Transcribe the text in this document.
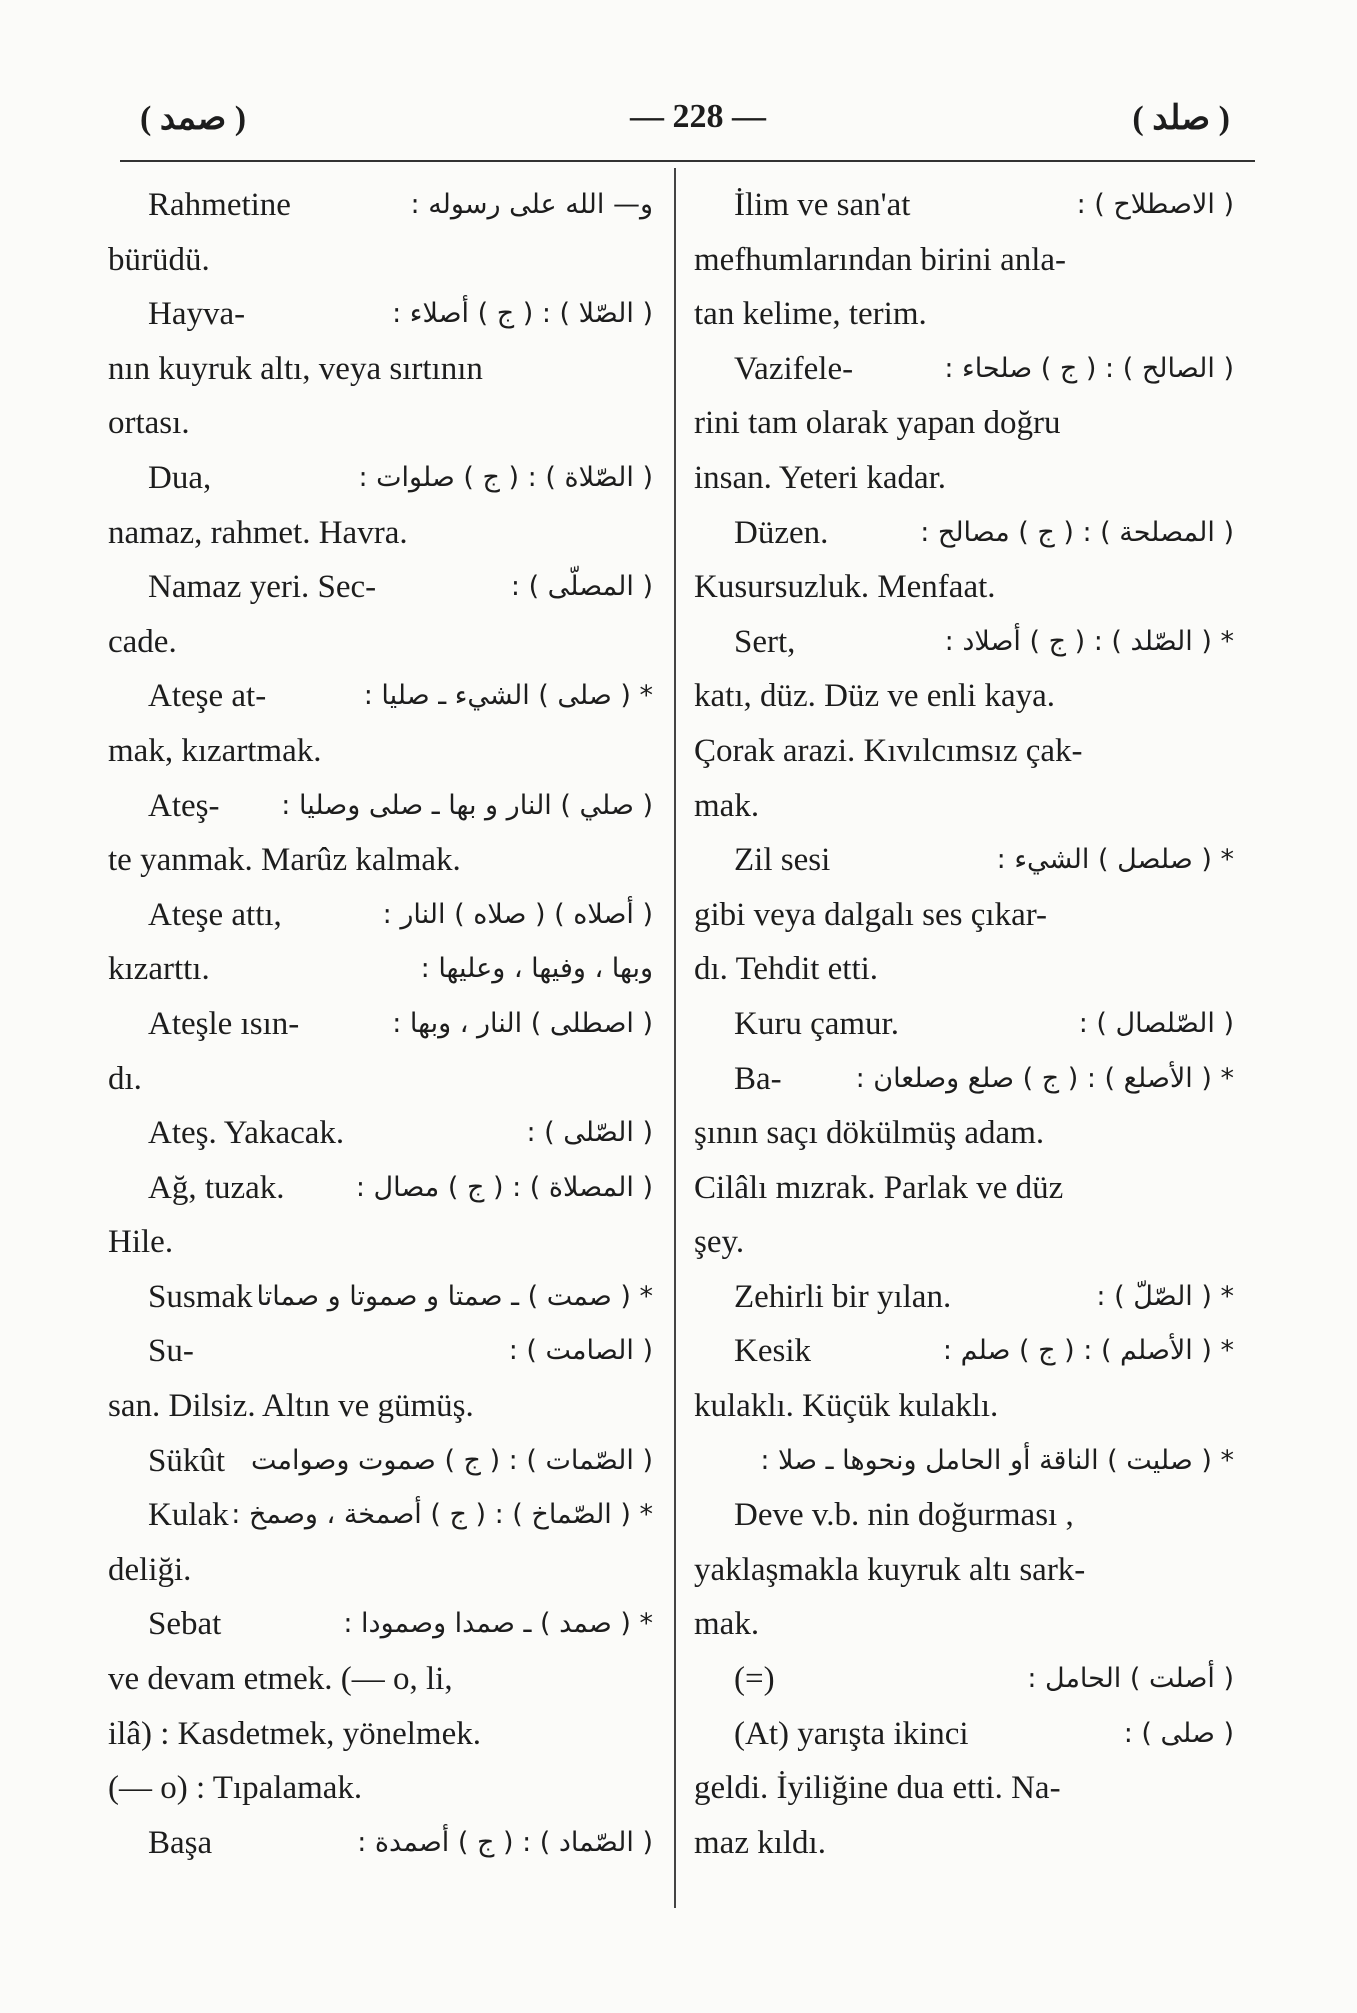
( صمد )	— 228 —	( صلد )
Rahmetine	و— الله على رسوله :
bürüdü.
Hayva-	( الصّلا ) : ( ج ) أصلاء :
nın kuyruk altı, veya sırtının
ortası.
Dua,	( الصّلاة ) : ( ج ) صلوات :
namaz, rahmet. Havra.
Namaz yeri. Sec-	( المصلّى ) :
cade.
Ateşe at-	* ( صلى ) الشيء ـ صليا :
mak, kızartmak.
Ateş- ( صلي ) النار و بها ـ صلى وصليا :
te yanmak. Marûz kalmak.
Ateşe attı,	( أصلاه ) ( صلاه ) النار :
kızarttı.	وبها ، وفيها ، وعليها :
Ateşle ısın-	( اصطلى ) النار ، وبها :
dı.
Ateş. Yakacak.	( الصّلى ) :
Ağ, tuzak.	( المصلاة ) : ( ج ) مصال :
Hile.
Susmak * ( صمت ) ـ صمتا و صموتا و صماتا
Su-	( الصامت ) :
san. Dilsiz. Altın ve gümüş.
Sükût ( الصّمات ) : ( ج ) صموت وصوامت
Kulak * ( الصّماخ ) : ( ج ) أصمخة ، وصمخ :
deliği.
Sebat	* ( صمد ) ـ صمدا وصمودا :
ve devam etmek. (— o, li,
ilâ) : Kasdetmek, yönelmek.
(— o) : Tıpalamak.
Başa	( الصّماد ) : ( ج ) أصمدة :
İlim ve san'at	( الاصطلاح ) :
mefhumlarından birini anla-
tan kelime, terim.
Vazifele-	( الصالح ) : ( ج ) صلحاء :
rini tam olarak yapan doğru
insan. Yeteri kadar.
Düzen.	( المصلحة ) : ( ج ) مصالح :
Kusursuzluk. Menfaat.
Sert,	* ( الصّلد ) : ( ج ) أصلاد :
katı, düz. Düz ve enli kaya.
Çorak arazi. Kıvılcımsız çak-
mak.
Zil sesi	* ( صلصل ) الشيء :
gibi veya dalgalı ses çıkar-
dı. Tehdit etti.
Kuru çamur.	( الصّلصال ) :
Ba-	* ( الأصلع ) : ( ج ) صلع وصلعان :
şının saçı dökülmüş adam.
Cilâlı mızrak. Parlak ve düz
şey.
Zehirli bir yılan.	* ( الصّلّ ) :
Kesik	* ( الأصلم ) : ( ج ) صلم :
kulaklı. Küçük kulaklı.
* ( صليت ) الناقة أو الحامل ونحوها ـ صلا :
Deve v.b. nin doğurması ,
yaklaşmakla kuyruk altı sark-
mak.
(=)	( أصلت ) الحامل :
(At) yarışta ikinci	( صلى ) :
geldi. İyiliğine dua etti. Na-
maz kıldı.
